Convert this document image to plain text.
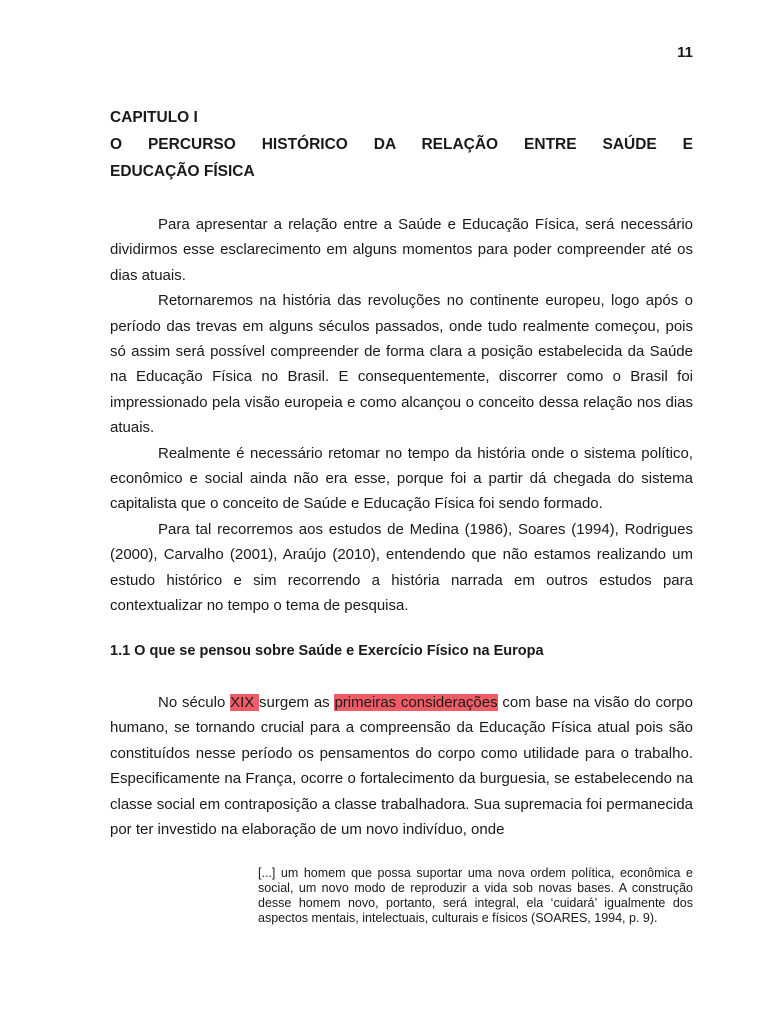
11
CAPITULO I
O PERCURSO HISTÓRICO DA RELAÇÃO ENTRE SAÚDE E
EDUCAÇÃO FÍSICA

Para apresentar a relação entre a Saúde e Educação Física, será necessário dividirmos esse esclarecimento em alguns momentos para poder compreender até os dias atuais.

Retornaremos na história das revoluções no continente europeu, logo após o período das trevas em alguns séculos passados, onde tudo realmente começou, pois só assim será possível compreender de forma clara a posição estabelecida da Saúde na Educação Física no Brasil. E consequentemente, discorrer como o Brasil foi impressionado pela visão europeia e como alcançou o conceito dessa relação nos dias atuais.

Realmente é necessário retomar no tempo da história onde o sistema político, econômico e social ainda não era esse, porque foi a partir dá chegada do sistema capitalista que o conceito de Saúde e Educação Física foi sendo formado.

Para tal recorremos aos estudos de Medina (1986), Soares (1994), Rodrigues (2000), Carvalho (2001), Araújo (2010), entendendo que não estamos realizando um estudo histórico e sim recorrendo a história narrada em outros estudos para contextualizar no tempo o tema de pesquisa.

1.1 O que se pensou sobre Saúde e Exercício Físico na Europa

No século XIX surgem as primeiras considerações com base na visão do corpo humano, se tornando crucial para a compreensão da Educação Física atual pois são constituídos nesse período os pensamentos do corpo como utilidade para o trabalho. Especificamente na França, ocorre o fortalecimento da burguesia, se estabelecendo na classe social em contraposição a classe trabalhadora. Sua supremacia foi permanecida por ter investido na elaboração de um novo indivíduo, onde

[...] um homem que possa suportar uma nova ordem política, econômica e social, um novo modo de reproduzir a vida sob novas bases. A construção desse homem novo, portanto, será integral, ela ‘cuidará’ igualmente dos aspectos mentais, intelectuais, culturais e físicos (SOARES, 1994, p. 9).
